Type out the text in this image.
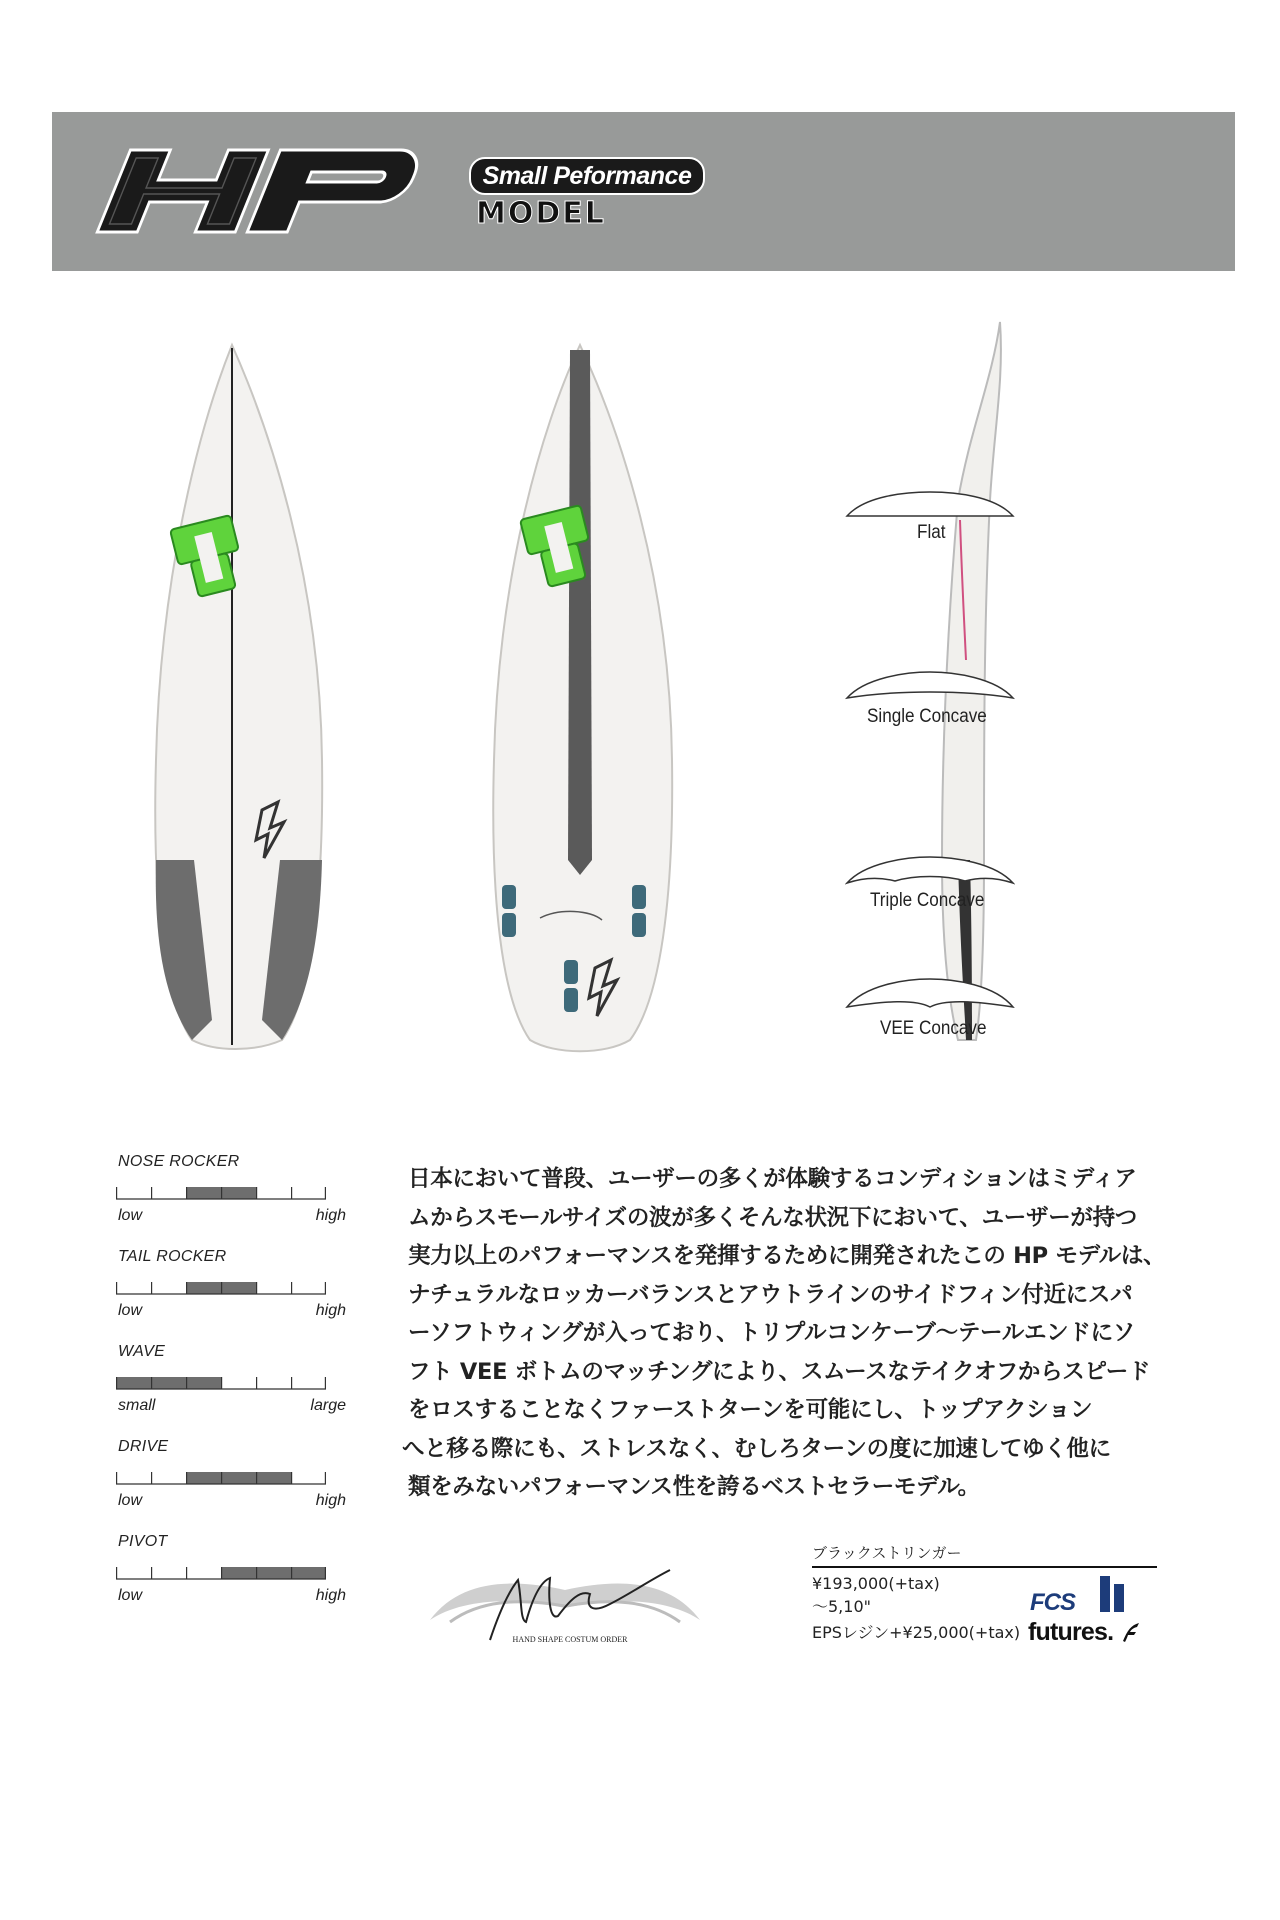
HP
Small Peformance
MODEL
Flat
Single Concave
Triple Concave
VEE Concave
NOSE ROCKER
low	high
TAIL ROCKER
low	high
WAVE
small	large
DRIVE
low	high
PIVOT
low	high

日本において普段、ユーザーの多くが体験するコンディションはミディア

ムからスモールサイズの波が多くそんな状況下において、ユーザーが持つ

実力以上のパフォーマンスを発揮するために開発されたこの HP モデルは、

ナチュラルなロッカーバランスとアウトラインのサイドフィン付近にスパ

ーソフトウィングが入っており、トリプルコンケーブ〜テールエンドにソ

フト VEE ボトムのマッチングにより、スムースなテイクオフからスピード

をロスすることなくファーストターンを可能にし、トップアクション

へと移る際にも、ストレスなく、むしろターンの度に加速してゆく他に

類をみないパフォーマンス性を誇るベストセラーモデル。

HAND SHAPE COSTUM ORDER
ブラックストリンガー
¥193,000(+tax)
〜5,10"
EPSレジン+¥25,000(+tax)
FCS
futures.
